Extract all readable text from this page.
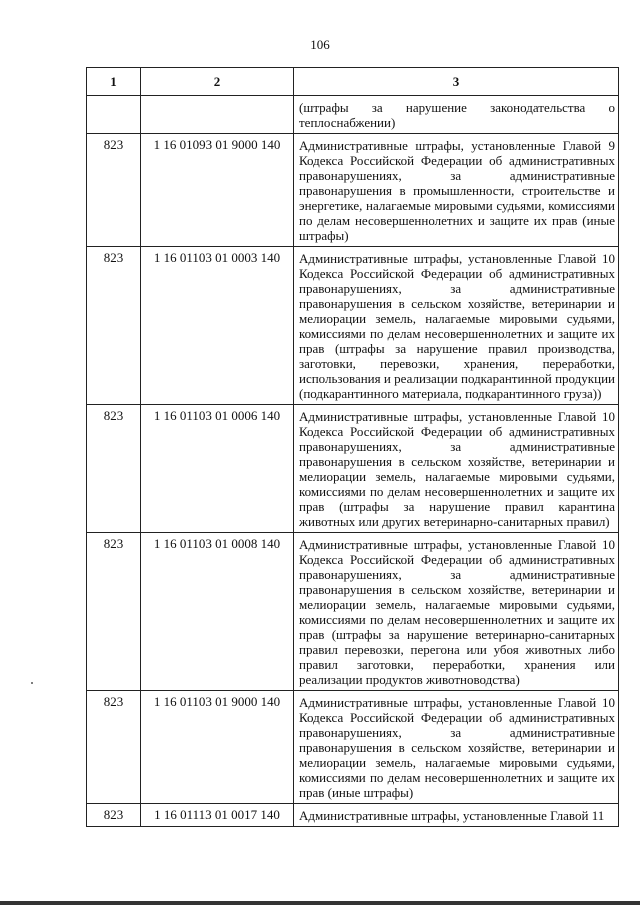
106
1	2	3
		(штрафы за нарушение законодательства о теплоснабжении)
823	1 16 01093 01 9000 140	Административные штрафы, установленные Главой 9 Кодекса Российской Федерации об административных правонарушениях, за административные правонарушения в промышленности, строительстве и энергетике, налагаемые мировыми судьями, комиссиями по делам несовершеннолетних и защите их прав (иные штрафы)
823	1 16 01103 01 0003 140	Административные штрафы, установленные Главой 10 Кодекса Российской Федерации об административных правонарушениях, за административные правонарушения в сельском хозяйстве, ветеринарии и мелиорации земель, налагаемые мировыми судьями, комиссиями по делам несовершеннолетних и защите их прав (штрафы за нарушение правил производства, заготовки, перевозки, хранения, переработки, использования и реализации подкарантинной продукции (подкарантинного материала, подкарантинного груза))
823	1 16 01103 01 0006 140	Административные штрафы, установленные Главой 10 Кодекса Российской Федерации об административных правонарушениях, за административные правонарушения в сельском хозяйстве, ветеринарии и мелиорации земель, налагаемые мировыми судьями, комиссиями по делам несовершеннолетних и защите их прав (штрафы за нарушение правил карантина животных или других ветеринарно-санитарных правил)
823	1 16 01103 01 0008 140	Административные штрафы, установленные Главой 10 Кодекса Российской Федерации об административных правонарушениях, за административные правонарушения в сельском хозяйстве, ветеринарии и мелиорации земель, налагаемые мировыми судьями, комиссиями по делам несовершеннолетних и защите их прав (штрафы за нарушение ветеринарно-санитарных правил перевозки, перегона или убоя животных либо правил заготовки, переработки, хранения или реализации продуктов животноводства)
823	1 16 01103 01 9000 140	Административные штрафы, установленные Главой 10 Кодекса Российской Федерации об административных правонарушениях, за административные правонарушения в сельском хозяйстве, ветеринарии и мелиорации земель, налагаемые мировыми судьями, комиссиями по делам несовершеннолетних и защите их прав (иные штрафы)
823	1 16 01113 01 0017 140	Административные штрафы, установленные Главой 11
